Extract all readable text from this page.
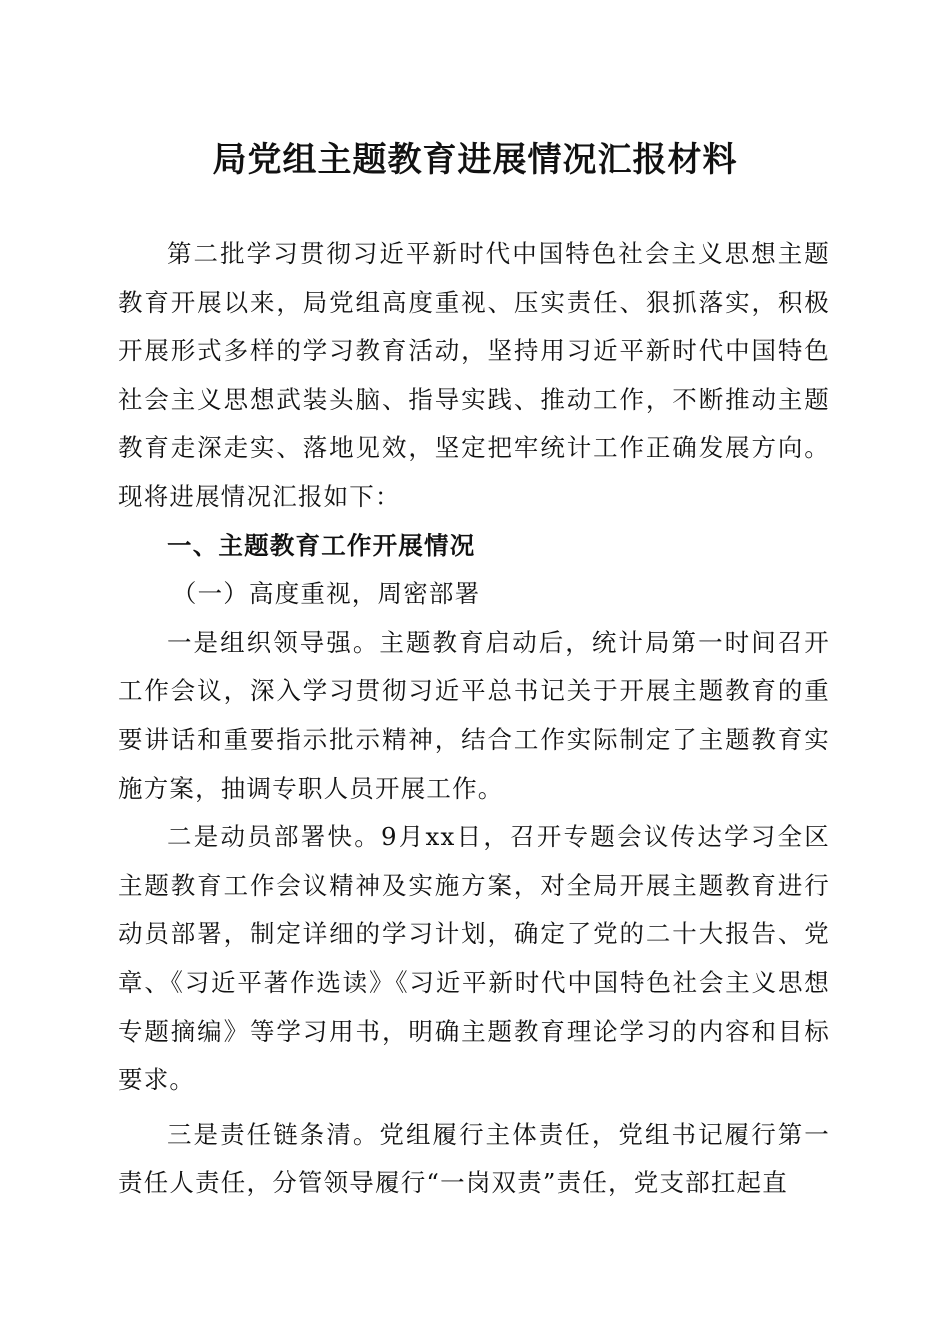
局党组主题教育进展情况汇报材料

第二批学习贯彻习近平新时代中国特色社会主义思想主题教育开展以来，局党组高度重视、压实责任、狠抓落实，积极开展形式多样的学习教育活动，坚持用习近平新时代中国特色社会主义思想武装头脑、指导实践、推动工作，不断推动主题教育走深走实、落地见效，坚定把牢统计工作正确发展方向。现将进展情况汇报如下：

一、主题教育工作开展情况

（一）高度重视，周密部署

一是组织领导强。主题教育启动后，统计局第一时间召开工作会议，深入学习贯彻习近平总书记关于开展主题教育的重要讲话和重要指示批示精神，结合工作实际制定了主题教育实施方案，抽调专职人员开展工作。

二是动员部署快。9月xx日，召开专题会议传达学习全区主题教育工作会议精神及实施方案，对全局开展主题教育进行动员部署，制定详细的学习计划，确定了党的二十大报告、党章、《习近平著作选读》《习近平新时代中国特色社会主义思想专题摘编》等学习用书，明确主题教育理论学习的内容和目标要求。

三是责任链条清。党组履行主体责任，党组书记履行第一责任人责任，分管领导履行“一岗双责”责任，党支部扛起直
